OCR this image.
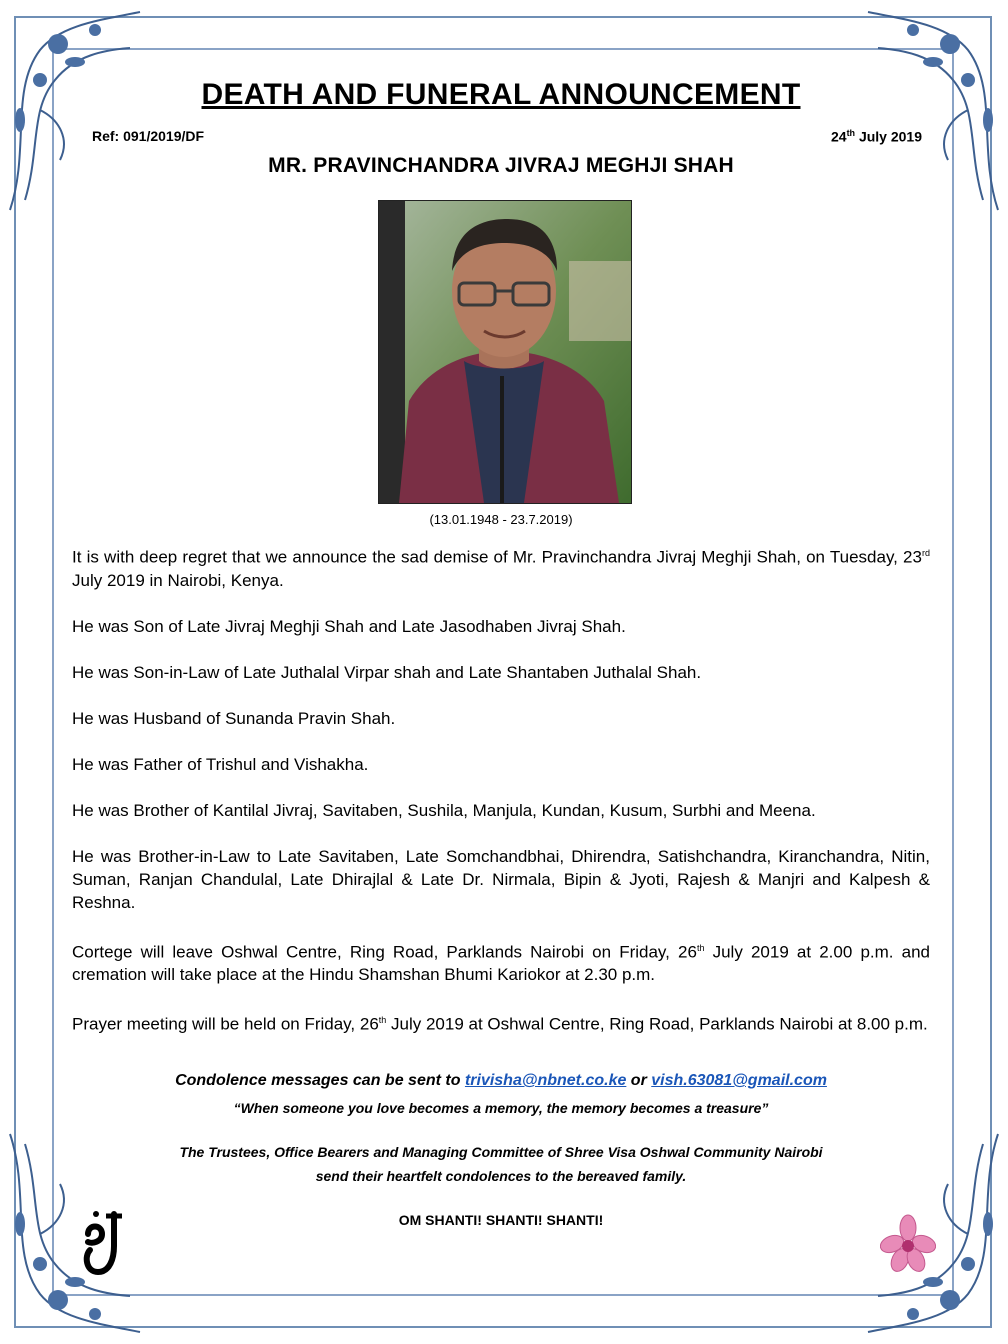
DEATH AND FUNERAL ANNOUNCEMENT
Ref: 091/2019/DF	24th July 2019
MR. PRAVINCHANDRA JIVRAJ MEGHJI SHAH
(13.01.1948 - 23.7.2019)

It is with deep regret that we announce the sad demise of Mr. Pravinchandra Jivraj Meghji Shah, on Tuesday, 23rd July 2019 in Nairobi, Kenya.

He was Son of Late Jivraj Meghji Shah and Late Jasodhaben Jivraj Shah.

He was Son-in-Law of Late Juthalal Virpar shah and Late Shantaben Juthalal Shah.

He was Husband of Sunanda Pravin Shah.

He was Father of Trishul and Vishakha.

He was Brother of Kantilal Jivraj, Savitaben, Sushila, Manjula, Kundan, Kusum, Surbhi and Meena.

He was Brother-in-Law to Late Savitaben, Late Somchandbhai, Dhirendra, Satishchandra, Kiranchandra, Nitin, Suman, Ranjan Chandulal, Late Dhirajlal & Late Dr. Nirmala, Bipin & Jyoti, Rajesh & Manjri and Kalpesh & Reshna.

Cortege will leave Oshwal Centre, Ring Road, Parklands Nairobi on Friday, 26th July 2019 at 2.00 p.m. and cremation will take place at the Hindu Shamshan Bhumi Kariokor at 2.30 p.m.

Prayer meeting will be held on Friday, 26th July 2019 at Oshwal Centre, Ring Road, Parklands Nairobi at 8.00 p.m.

Condolence messages can be sent to trivisha@nbnet.co.ke or vish.63081@gmail.com
“When someone you love becomes a memory, the memory becomes a treasure”
The Trustees, Office Bearers and Managing Committee of Shree Visa Oshwal Community Nairobi
send their heartfelt condolences to the bereaved family.
OM SHANTI! SHANTI! SHANTI!
